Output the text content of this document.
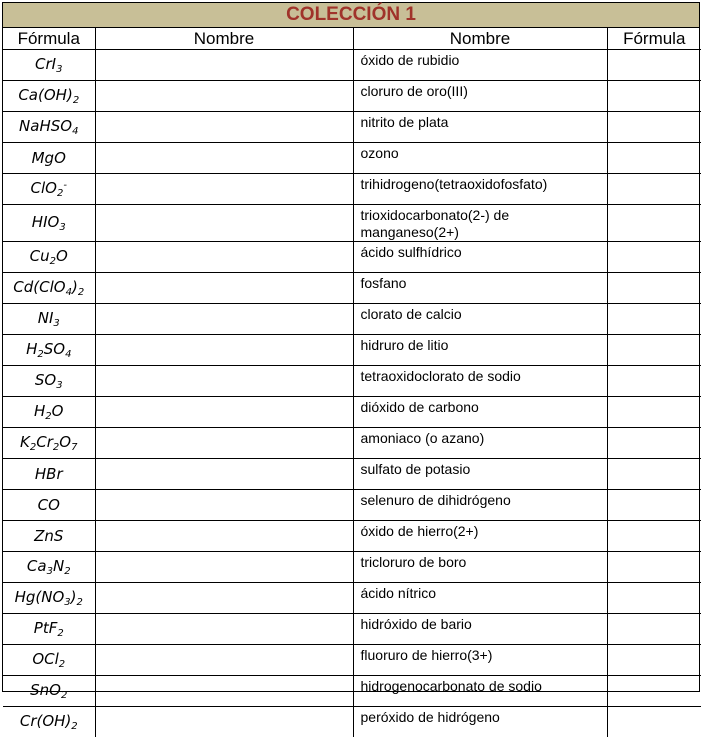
COLECCIÓN 1
Fórmula	Nombre	Nombre	Fórmula
CrI$_3$		óxido de rubidio	
$Ca(OH)_2$		cloruro de oro(III)	
NaHSO$_4$		nitrito de plata	
MgO		ozono	
ClO$_2$-		trihidrogeno(tetraoxidofosfato)	
$HIO_3$		trioxidocarbonato(2-) de manganeso(2+)	
$Cu_2O$		ácido sulfhídrico	
$Cd(ClO_4)_2$		fosfano	
$NI_3$		clorato de calcio	
$H_2SO_4$		hidruro de litio	
$SO_3$		tetraoxidoclorato de sodio	
$H_2O$		dióxido de carbono	
$K_2Cr_2O_7$		amoniaco (o azano)	
HBr		sulfato de potasio	
CO		selenuro de dihidrógeno	
ZnS		óxido de hierro(2+)	
$Ca_3N_2$		tricloruro de boro	
$Hg(NO_3)_2$		ácido nítrico	
PtF$_2$		hidróxido de bario	
OCl$_2$		fluoruro de hierro(3+)	
SnO$_2$		hidrogenocarbonato de sodio	
$Cr(OH)_2$		peróxido de hidrógeno	
